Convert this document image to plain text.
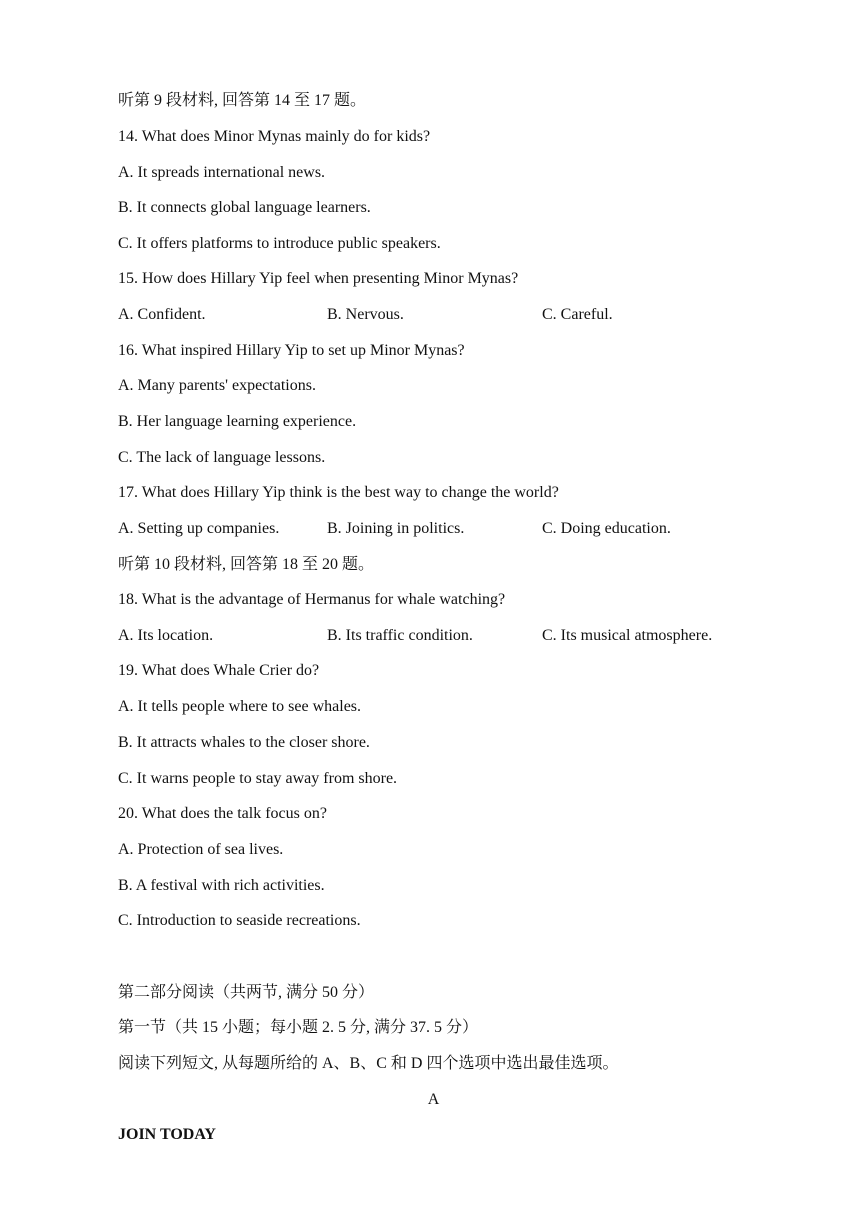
听第 9 段材料, 回答第 14 至 17 题。
14. What does Minor Mynas mainly do for kids?
A. It spreads international news.
B. It connects global language learners.
C. It offers platforms to introduce public speakers.
15. How does Hillary Yip feel when presenting Minor Mynas?
A. Confident.	B. Nervous.	C. Careful.
16. What inspired Hillary Yip to set up Minor Mynas?
A. Many parents' expectations.
B. Her language learning experience.
C. The lack of language lessons.
17. What does Hillary Yip think is the best way to change the world?
A. Setting up companies.	B. Joining in politics.	C. Doing education.
听第 10 段材料, 回答第 18 至 20 题。
18. What is the advantage of Hermanus for whale watching?
A. Its location.	B. Its traffic condition.	C. Its musical atmosphere.
19. What does Whale Crier do?
A. It tells people where to see whales.
B. It attracts whales to the closer shore.
C. It warns people to stay away from shore.
20. What does the talk focus on?
A. Protection of sea lives.
B. A festival with rich activities.
C. Introduction to seaside recreations.
第二部分阅读（共两节, 满分 50 分）
第一节（共 15 小题；每小题 2. 5 分, 满分 37. 5 分）
阅读下列短文, 从每题所给的 A、B、C 和 D 四个选项中选出最佳选项。
A
JOIN TODAY
